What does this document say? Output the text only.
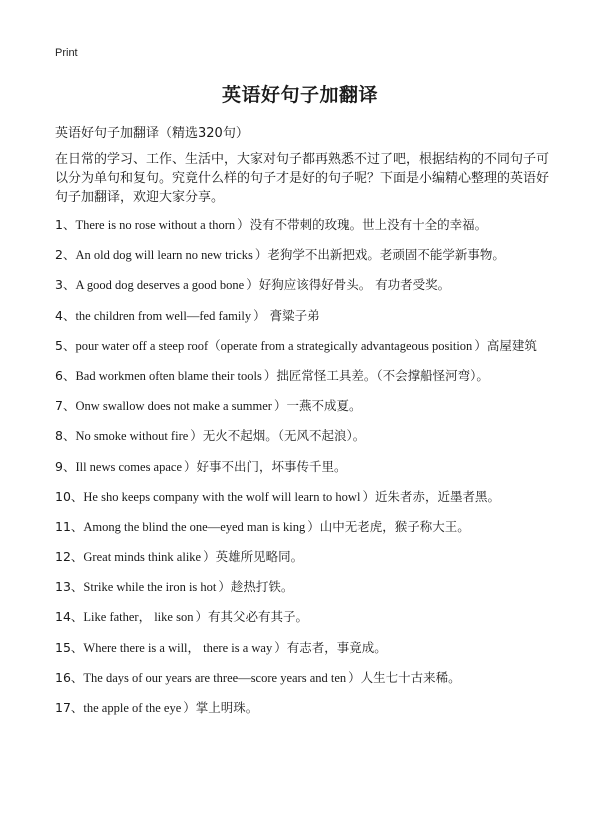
Print
英语好句子加翻译
英语好句子加翻译（精选320句）
在日常的学习、工作、生活中，大家对句子都再熟悉不过了吧，根据结构的不同句子可以分为单句和复句。究竟什么样的句子才是好的句子呢？下面是小编精心整理的英语好句子加翻译，欢迎大家分享。
1、There is no rose without a thorn ）没有不带刺的玫瑰。世上没有十全的幸福。
2、An old dog will learn no new tricks ）老狗学不出新把戏。老顽固不能学新事物。
3、A good dog deserves a good bone ）好狗应该得好骨头。 有功者受奖。
4、the children from well—fed family ） 膏粱子弟
5、pour water off a steep roof（operate from a strategically advantageous position ）高屋建筑
6、Bad workmen often blame their tools ）拙匠常怪工具差。（不会撑船怪河弯）。
7、Onw swallow does not make a summer ）一燕不成夏。
8、No smoke without fire ）无火不起烟。（无风不起浪）。
9、Ill news comes apace ）好事不出门，坏事传千里。
10、He sho keeps company with the wolf will learn to howl ）近朱者赤，近墨者黑。
11、Among the blind the one—eyed man is king ）山中无老虎，猴子称大王。
12、Great minds think alike ）英雄所见略同。
13、Strike while the iron is hot ）趁热打铁。
14、Like father， like son ）有其父必有其子。
15、Where there is a will， there is a way ）有志者，事竟成。
16、The days of our years are three—score years and ten ）人生七十古来稀。
17、the apple of the eye ）掌上明珠。
